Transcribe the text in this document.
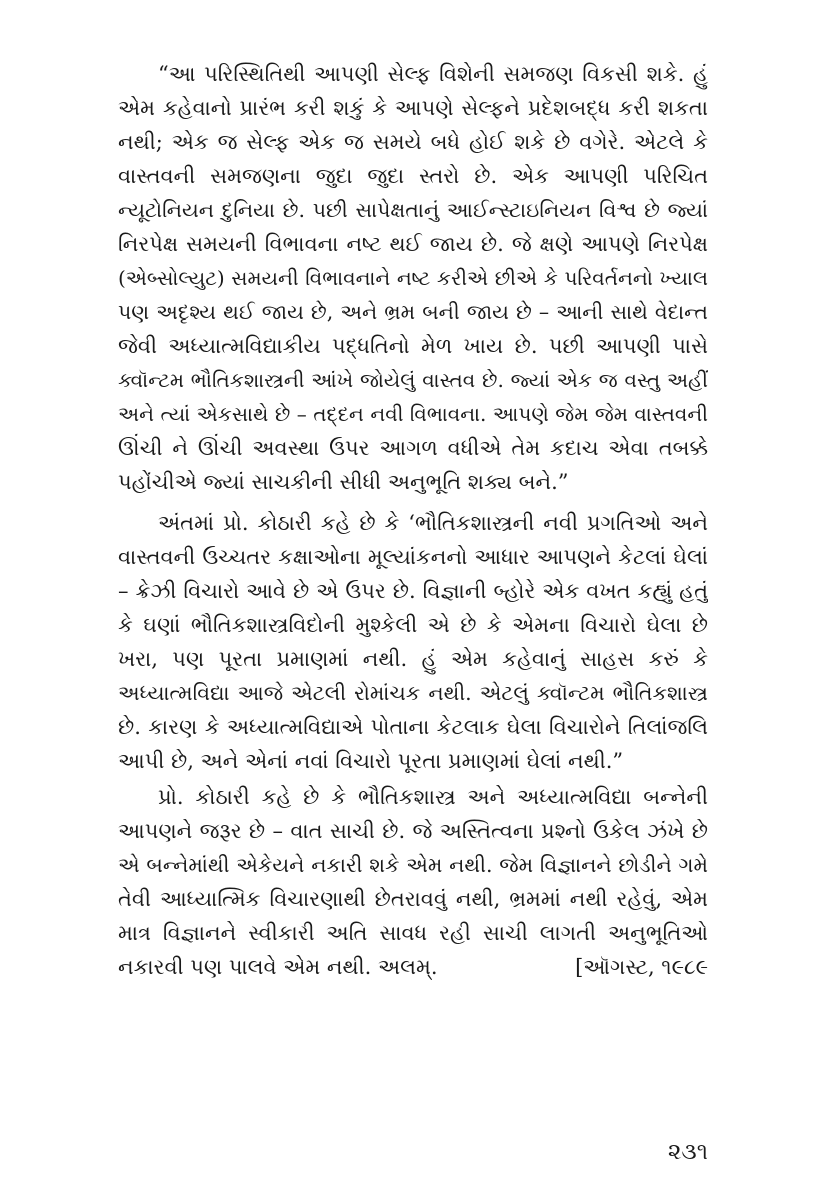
“આ પરિસ્થિતિથી આપણી સેલ્ફ વિશેની સમજણ વિકસી શકે. હું
એમ કહેવાનો પ્રારંભ કરી શકું કે આપણે સેલ્ફને પ્રદેશબદ્ધ કરી શકતા
નથી; એક જ સેલ્ફ એક જ સમયે બધે હોઈ શકે છે વગેરે. એટલે કે
વાસ્તવની સમજણના જુદા જુદા સ્તરો છે. એક આપણી પરિચિત
ન્યૂટોનિયન દુનિયા છે. પછી સાપેક્ષતાનું આઈન્સ્ટાઇનિયન વિશ્વ છે જ્યાં
નિરપેક્ષ સમયની વિભાવના નષ્ટ થઈ જાય છે. જે ક્ષણે આપણે નિરપેક્ષ
(એબ્સોલ્યુટ) સમયની વિભાવનાને નષ્ટ કરીએ છીએ કે પરિવર્તનનો ખ્યાલ
પણ અદૃશ્ય થઈ જાય છે, અને ભ્રમ બની જાય છે – આની સાથે વેદાન્ત
જેવી અધ્યાત્મવિદ્યાકીય પદ્ધતિનો મેળ ખાય છે. પછી આપણી પાસે
ક્વૉન્ટમ ભૌતિકશાસ્ત્રની આંખે જોયેલું વાસ્તવ છે. જ્યાં એક જ વસ્તુ અહીં
અને ત્યાં એકસાથે છે – તદ્દન નવી વિભાવના. આપણે જેમ જેમ વાસ્તવની
ઊંચી ને ઊંચી અવસ્થા ઉપર આગળ વધીએ તેમ કદાચ એવા તબક્કે
પહોંચીએ જ્યાં સાચકીની સીધી અનુભૂતિ શક્ય બને.”
અંતમાં પ્રો. કોઠારી કહે છે કે ‘ભૌતિકશાસ્ત્રની નવી પ્રગતિઓ અને
વાસ્તવની ઉચ્ચતર કક્ષાઓના મૂલ્યાંકનનો આધાર આપણને કેટલાં ઘેલાં
– ક્રેઝી વિચારો આવે છે એ ઉપર છે. વિજ્ઞાની બ્હોરે એક વખત કહ્યું હતું
કે ઘણાં ભૌતિકશાસ્ત્રવિદોની મુશ્કેલી એ છે કે એમના વિચારો ઘેલા છે
ખરા, પણ પૂરતા પ્રમાણમાં નથી. હું એમ કહેવાનું સાહસ કરું કે
અધ્યાત્મવિદ્યા આજે એટલી રોમાંચક નથી. એટલું ક્વૉન્ટમ ભૌતિકશાસ્ત્ર
છે. કારણ કે અધ્યાત્મવિદ્યાએ પોતાના કેટલાક ઘેલા વિચારોને તિલાંજલિ
આપી છે, અને એનાં નવાં વિચારો પૂરતા પ્રમાણમાં ઘેલાં નથી.”
પ્રો. કોઠારી કહે છે કે ભૌતિકશાસ્ત્ર અને અધ્યાત્મવિદ્યા બન્નેની
આપણને જરૂર છે – વાત સાચી છે. જે અસ્તિત્વના પ્રશ્નો ઉકેલ ઝંખે છે
એ બન્નેમાંથી એકેયને નકારી શકે એમ નથી. જેમ વિજ્ઞાનને છોડીને ગમે
તેવી આધ્યાત્મિક વિચારણાથી છેતરાવવું નથી, ભ્રમમાં નથી રહેવું, એમ
માત્ર વિજ્ઞાનને સ્વીકારી અતિ સાવધ રહી સાચી લાગતી અનુભૂતિઓ
નકારવી પણ પાલવે એમ નથી. અલમ્.	[ઑગસ્ટ, ૧૯૮૯
૨૩૧
